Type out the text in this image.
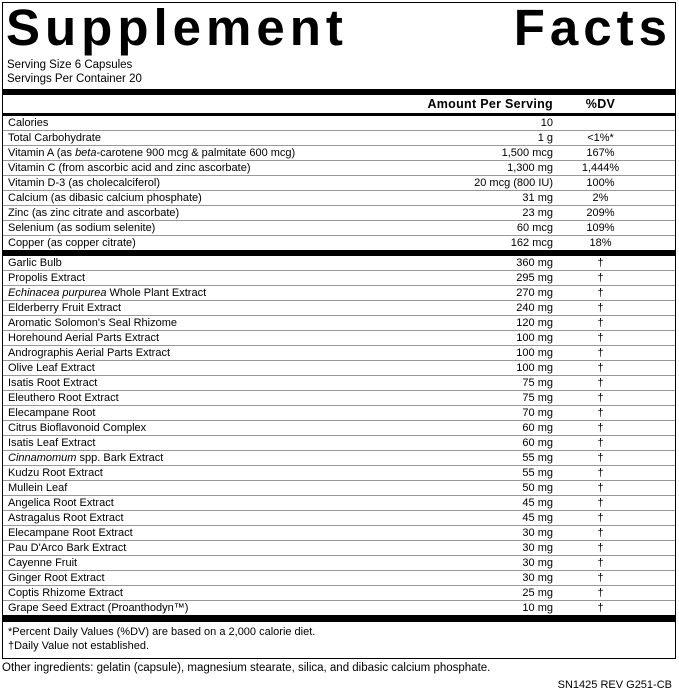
Supplement	Facts
Serving Size 6 Capsules
Servings Per Container 20
Amount Per Serving	%DV
Calories	10
Total Carbohydrate	1 g	<1%*
Vitamin A (as beta-carotene 900 mcg & palmitate 600 mcg)	1,500 mcg	167%
Vitamin C (from ascorbic acid and zinc ascorbate)	1,300 mg	1,444%
Vitamin D-3 (as cholecalciferol)	20 mcg (800 IU)	100%
Calcium (as dibasic calcium phosphate)	31 mg	2%
Zinc (as zinc citrate and ascorbate)	23 mg	209%
Selenium (as sodium selenite)	60 mcg	109%
Copper (as copper citrate)	162 mcg	18%
Garlic Bulb	360 mg	†
Propolis Extract	295 mg	†
Echinacea purpurea Whole Plant Extract	270 mg	†
Elderberry Fruit Extract	240 mg	†
Aromatic Solomon's Seal Rhizome	120 mg	†
Horehound Aerial Parts Extract	100 mg	†
Andrographis Aerial Parts Extract	100 mg	†
Olive Leaf Extract	100 mg	†
Isatis Root Extract	75 mg	†
Eleuthero Root Extract	75 mg	†
Elecampane Root	70 mg	†
Citrus Bioflavonoid Complex	60 mg	†
Isatis Leaf Extract	60 mg	†
Cinnamomum spp. Bark Extract	55 mg	†
Kudzu Root Extract	55 mg	†
Mullein Leaf	50 mg	†
Angelica Root Extract	45 mg	†
Astragalus Root Extract	45 mg	†
Elecampane Root Extract	30 mg	†
Pau D'Arco Bark Extract	30 mg	†
Cayenne Fruit	30 mg	†
Ginger Root Extract	30 mg	†
Coptis Rhizome Extract	25 mg	†
Grape Seed Extract (Proanthodyn™)	10 mg	†
*Percent Daily Values (%DV) are based on a 2,000 calorie diet.
†Daily Value not established.
Other ingredients: gelatin (capsule), magnesium stearate, silica, and dibasic calcium phosphate.
SN1425 REV G251-CB
